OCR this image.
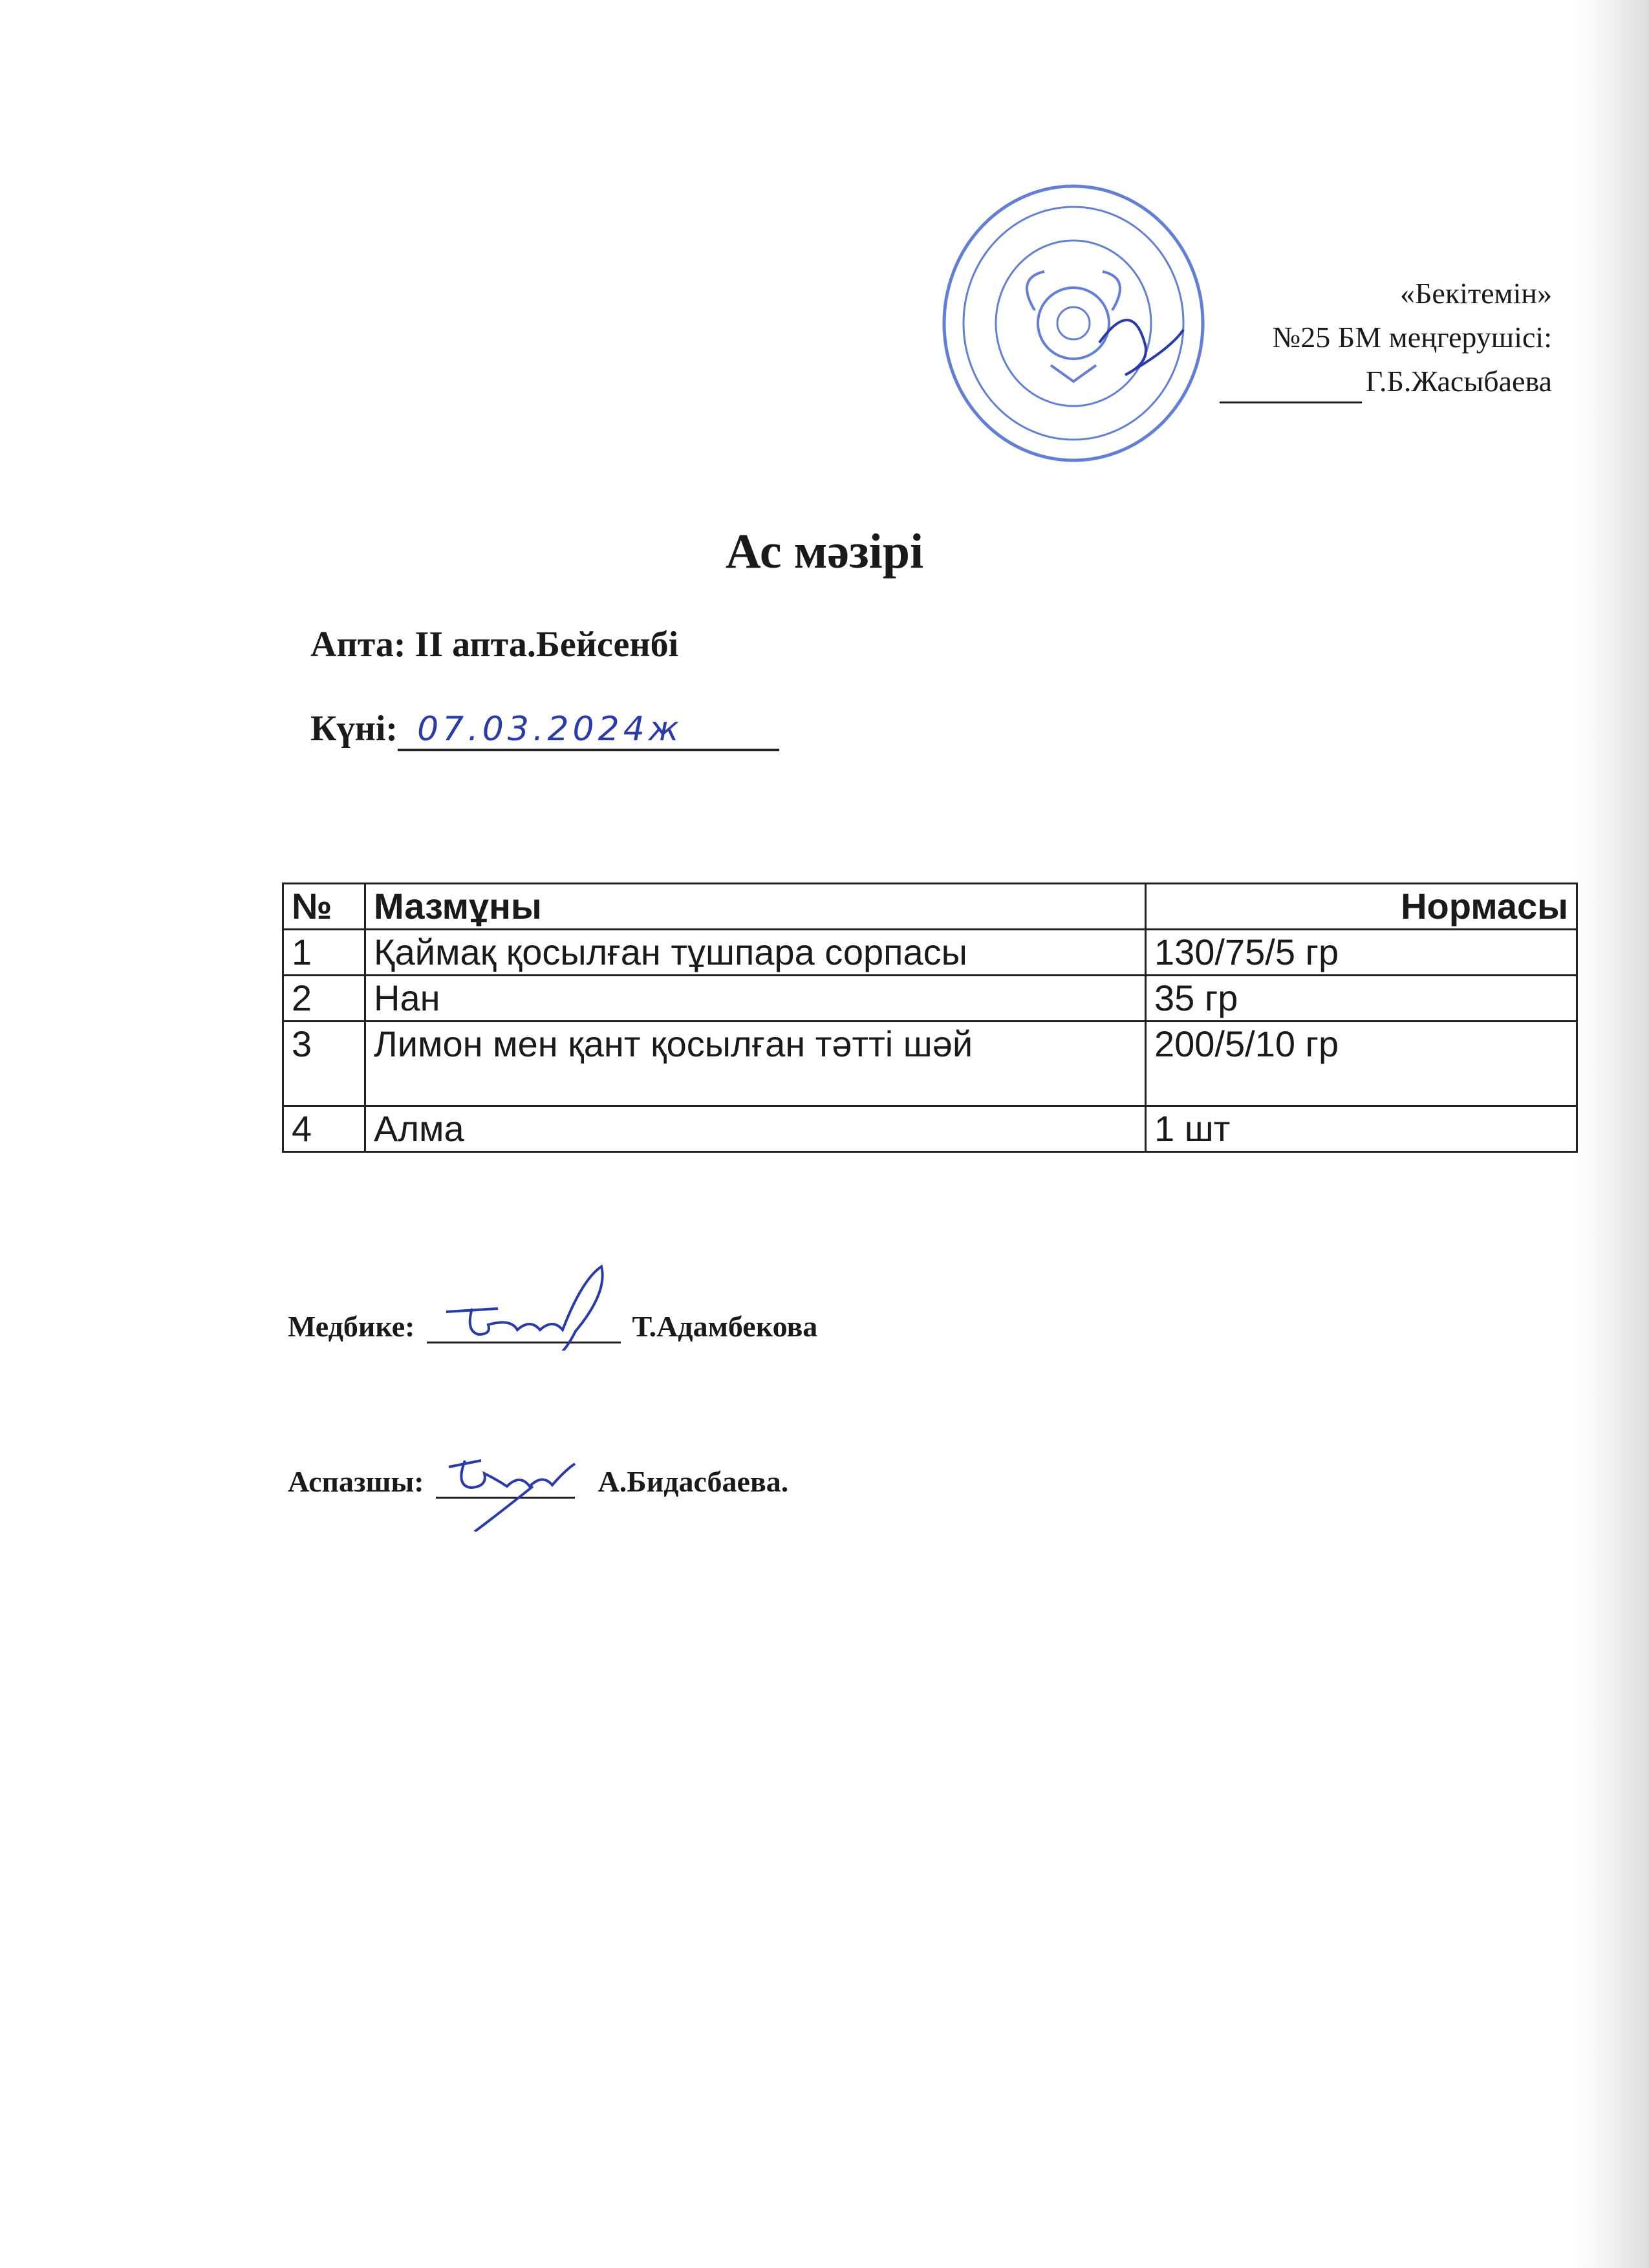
«Бекітемін»
№25 БМ меңгерушісі:
Г.Б.Жасыбаева
Ас мәзірі
Апта: II апта.Бейсенбі
Күні: 07.03.2024ж
№	Мазмұны	Нормасы
1	Қаймақ қосылған тұшпара сорпасы	130/75/5 гр
2	Нан	35 гр
3	Лимон мен қант қосылған тәтті шәй	200/5/10 гр
4	Алма	1 шт
Медбике:	Т.Адамбекова
Аспазшы:	А.Бидасбаева.
